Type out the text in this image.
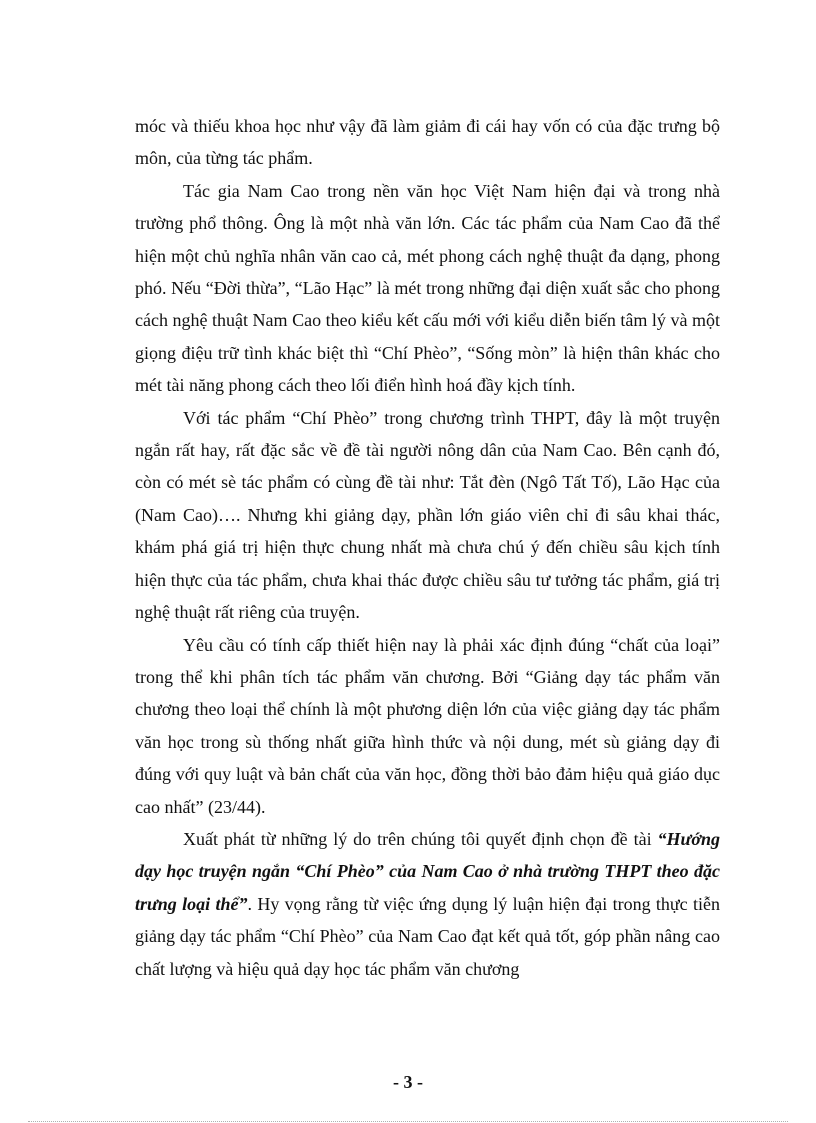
móc và thiếu khoa học như vậy đã làm giảm đi cái hay vốn có của đặc trưng bộ môn, của từng tác phẩm.

Tác gia Nam Cao trong nền văn học Việt Nam hiện đại và trong nhà trường phổ thông. Ông là một nhà văn lớn. Các tác phẩm của Nam Cao đã thể hiện một chủ nghĩa nhân văn cao cả, mét phong cách nghệ thuật đa dạng, phong phó. Nếu “Đời thừa”, “Lão Hạc” là mét trong những đại diện xuất sắc cho phong cách nghệ thuật Nam Cao theo kiểu kết cấu mới với kiểu diễn biến tâm lý và một giọng điệu trữ tình khác biệt thì “Chí Phèo”, “Sống mòn” là hiện thân khác cho mét tài năng phong cách theo lối điển hình hoá đầy kịch tính.

Với tác phẩm “Chí Phèo” trong chương trình THPT, đây là một truyện ngắn rất hay, rất đặc sắc về đề tài người nông dân của Nam Cao. Bên cạnh đó, còn có mét sè tác phẩm có cùng đề tài như: Tắt đèn (Ngô Tất Tố), Lão Hạc của (Nam Cao)…. Nhưng khi giảng dạy, phần lớn giáo viên chỉ đi sâu khai thác, khám phá giá trị hiện thực chung nhất mà chưa chú ý đến chiều sâu kịch tính hiện thực của tác phẩm, chưa khai thác được chiều sâu tư tưởng tác phẩm, giá trị nghệ thuật rất riêng của truyện.

Yêu cầu có tính cấp thiết hiện nay là phải xác định đúng “chất của loại” trong thể khi phân tích tác phẩm văn chương. Bởi “Giảng dạy tác phẩm văn chương theo loại thể chính là một phương diện lớn của việc giảng dạy tác phẩm văn học trong sù thống nhất giữa hình thức và nội dung, mét sù giảng dạy đi đúng với quy luật và bản chất của văn học, đồng thời bảo đảm hiệu quả giáo dục cao nhất” (23/44).

Xuất phát từ những lý do trên chúng tôi quyết định chọn đề tài “Hướng dạy học truyện ngắn “Chí Phèo” của Nam Cao ở nhà trường THPT theo đặc trưng loại thể”. Hy vọng rằng từ việc ứng dụng lý luận hiện đại trong thực tiễn giảng dạy tác phẩm “Chí Phèo” của Nam Cao đạt kết quả tốt, góp phần nâng cao chất lượng và hiệu quả dạy học tác phẩm văn chương

- 3 -
